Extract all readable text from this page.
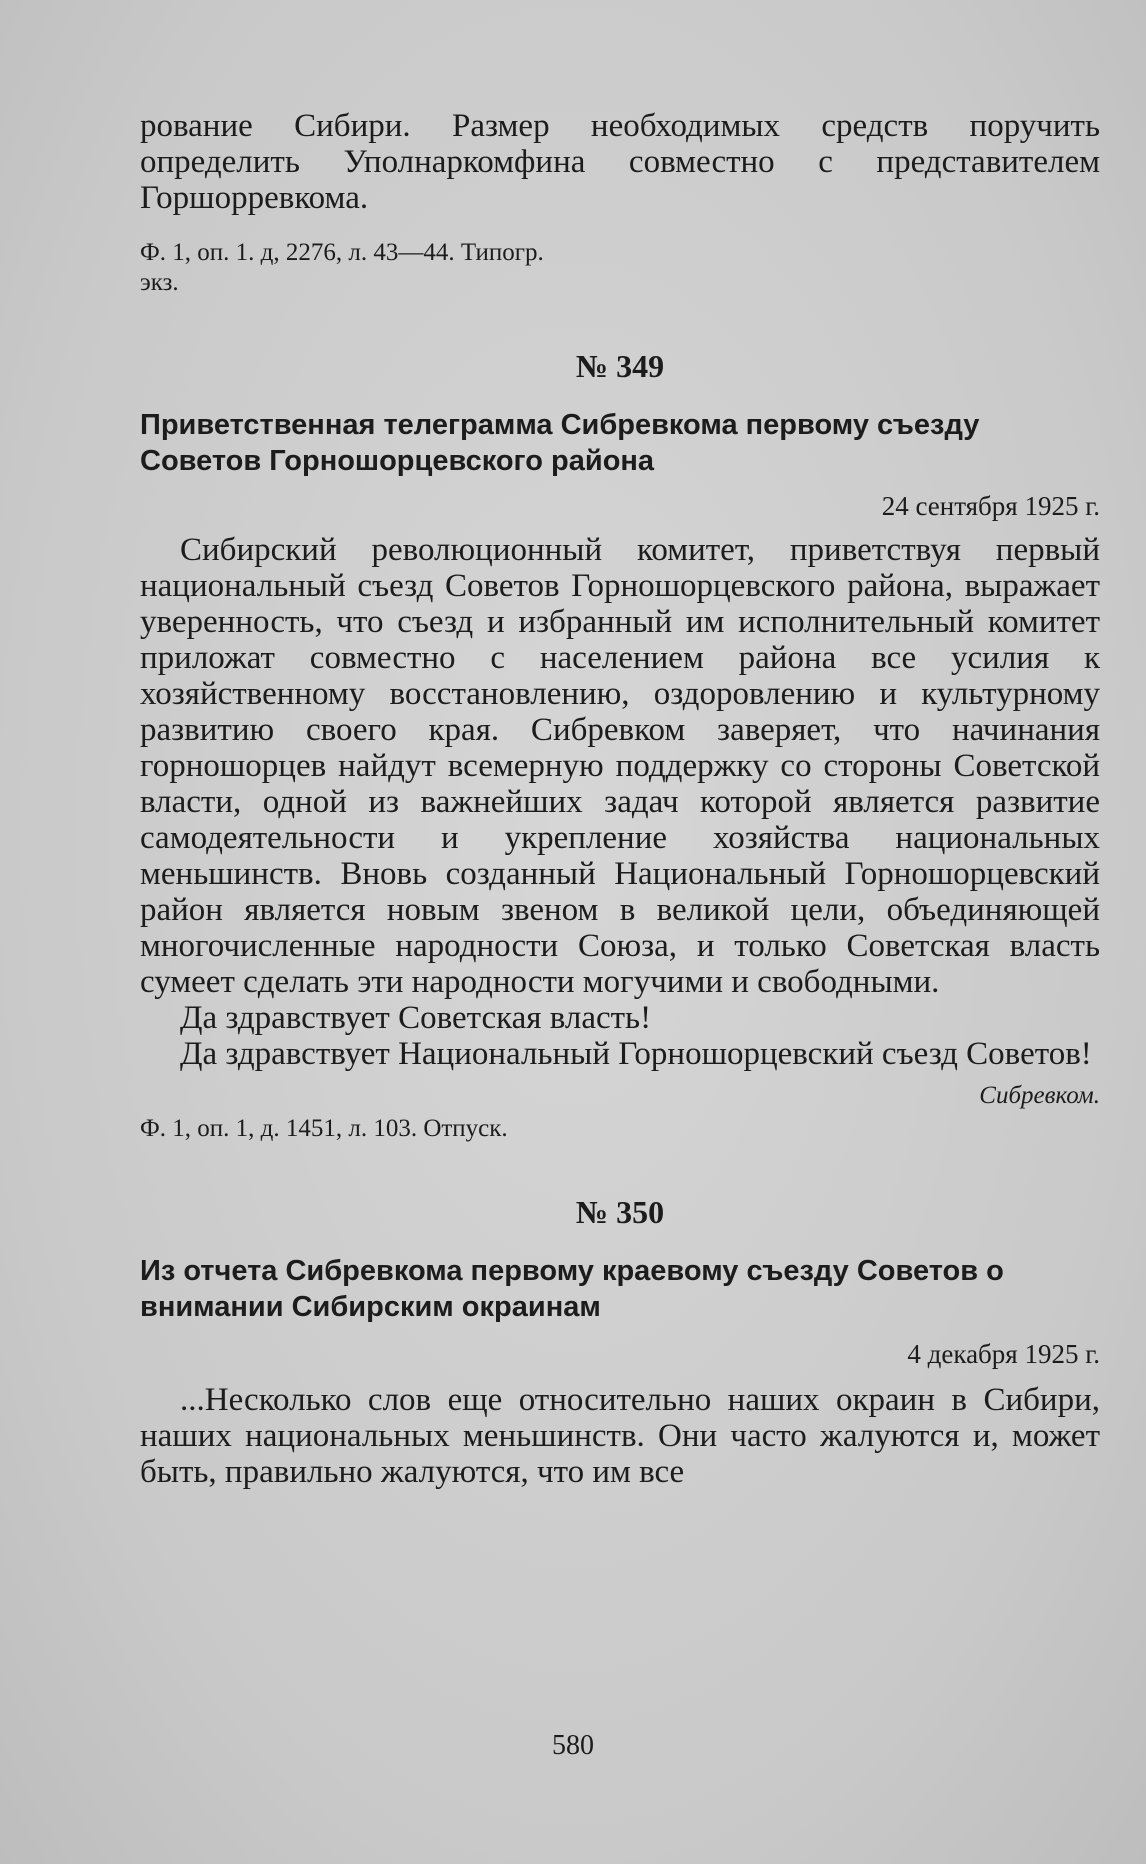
рование Сибири. Размер необходимых средств поручить определить Уполнаркомфина совместно с представителем Горшорревкома.

Ф. 1, оп. 1. д, 2276, л. 43—44. Типогр. экз.

№ 349

Приветственная телеграмма Сибревкома первому съезду Советов Горношорцевского района

24 сентября 1925 г.

Сибирский революционный комитет, приветствуя первый национальный съезд Советов Горношорцевского района, выражает уверенность, что съезд и избранный им исполнительный комитет приложат совместно с населением района все усилия к хозяйственному восстановлению, оздоровлению и культурному развитию своего края. Сибревком заверяет, что начинания горношорцев найдут всемерную поддержку со стороны Советской власти, одной из важнейших задач которой является развитие самодеятельности и укрепление хозяйства национальных меньшинств. Вновь созданный Национальный Горношорцевский район является новым звеном в великой цели, объединяющей многочисленные народности Союза, и только Советская власть сумеет сделать эти народности могучими и свободными.

Да здравствует Советская власть!

Да здравствует Национальный Горношорцевский съезд Советов!

Сибревком.

Ф. 1, оп. 1, д. 1451, л. 103. Отпуск.

№ 350

Из отчета Сибревкома первому краевому съезду Советов о внимании Сибирским окраинам

4 декабря 1925 г.

...Несколько слов еще относительно наших окраин в Сибири, наших национальных меньшинств. Они часто жалуются и, может быть, правильно жалуются, что им все

580
